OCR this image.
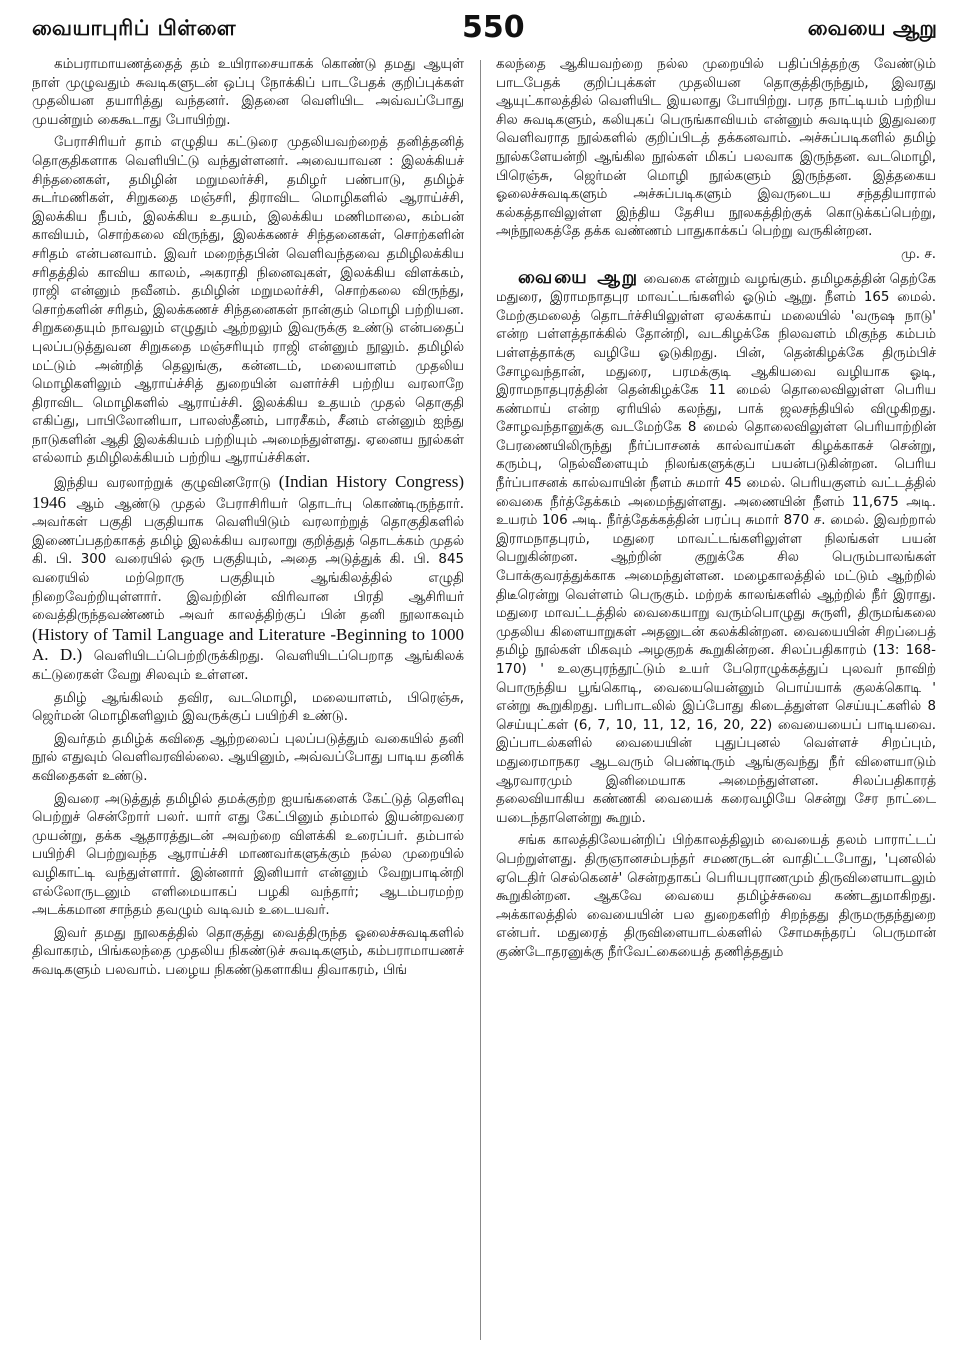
வையாபுரிப் பிள்ளை	550	வையை ஆறு

கம்பராமாயணத்தைத் தம் உயிராசையாகக் கொண்டு தமது ஆயுள் நாள் முழுவதும் சுவடிகளுடன் ஒப்பு நோக்கிப் பாடபேதக் குறிப்புக்கள் முதலியன தயாரித்து வந்தனர். இதனை வெளியிட அவ்வப்போது முயன்றும் கைகூடாது போயிற்று.

பேராசிரியர் தாம் எழுதிய கட்டுரை முதலியவற்றைத் தனித்தனித் தொகுதிகளாக வெளியிட்டு வந்துள்ளனர். அவையாவன : இலக்கியச் சிந்தனைகள், தமிழின் மறுமலர்ச்சி, தமிழர் பண்பாடு, தமிழ்ச் சுடர்மணிகள், சிறுகதை மஞ்சரி, திராவிட மொழிகளில் ஆராய்ச்சி, இலக்கிய நீபம், இலக்கிய உதயம், இலக்கிய மணிமாலை, கம்பன் காவியம், சொற்கலை விருந்து, இலக்கணச் சிந்தனைகள், சொற்களின் சரிதம் என்பனவாம். இவர் மறைந்தபின் வெளிவந்தவை தமிழிலக்கிய சரிதத்தில் காவிய காலம், அகராதி நினைவுகள், இலக்கிய விளக்கம், ராஜி என்னும் நவீனம். தமிழின் மறுமலர்ச்சி, சொற்கலை விருந்து, சொற்களின் சரிதம், இலக்கணச் சிந்தனைகள் நான்கும் மொழி பற்றியன. சிறுகதையும் நாவலும் எழுதும் ஆற்றலும் இவருக்கு உண்டு என்பதைப் புலப்படுத்துவன சிறுகதை மஞ்சரியும் ராஜி என்னும் நூலும். தமிழில் மட்டும் அன்றித் தெலுங்கு, கன்னடம், மலையாளம் முதலிய மொழிகளிலும் ஆராய்ச்சித் துறையின் வளர்ச்சி பற்றிய வரலாறே திராவிட மொழிகளில் ஆராய்ச்சி. இலக்கிய உதயம் முதல் தொகுதி எகிப்து, பாபிலோனியா, பாலஸ்தீனம், பாரசீகம், சீனம் என்னும் ஐந்து நாடுகளின் ஆதி இலக்கியம் பற்றியும் அமைந்துள்ளது. ஏனைய நூல்கள் எல்லாம் தமிழிலக்கியம் பற்றிய ஆராய்ச்சிகள்.

இந்திய வரலாற்றுக் குழுவினரோடு (Indian History Congress) 1946 ஆம் ஆண்டு முதல் பேராசிரியர் தொடர்பு கொண்டிருந்தார். அவர்கள் பகுதி பகுதியாக வெளியிடும் வரலாற்றுத் தொகுதிகளில் இணைப்பதற்காகத் தமிழ் இலக்கிய வரலாறு குறித்துத் தொடக்கம் முதல் கி. பி. 300 வரையில் ஒரு பகுதியும், அதை அடுத்துக் கி. பி. 845 வரையில் மற்றொரு பகுதியும் ஆங்கிலத்தில் எழுதி நிறைவேற்றியுள்ளார். இவற்றின் விரிவான பிரதி ஆசிரியர் வைத்திருந்தவண்ணம் அவர் காலத்திற்குப் பின் தனி நூலாகவும் (History of Tamil Language and Literature -Beginning to 1000 A. D.) வெளியிடப்பெற்றிருக்கிறது. வெளியிடப்பெறாத ஆங்கிலக் கட்டுரைகள் வேறு சிலவும் உள்ளன.

தமிழ் ஆங்கிலம் தவிர, வடமொழி, மலையாளம், பிரெஞ்சு, ஜெர்மன் மொழிகளிலும் இவருக்குப் பயிற்சி உண்டு.

இவர்தம் தமிழ்க் கவிதை ஆற்றலைப் புலப்படுத்தும் வகையில் தனி நூல் எதுவும் வெளிவரவில்லை. ஆயினும், அவ்வப்போது பாடிய தனிக் கவிதைகள் உண்டு.

இவரை அடுத்துத் தமிழில் தமக்குற்ற ஐயங்களைக் கேட்டுத் தெளிவு பெற்றுச் சென்றோர் பலர். யார் எது கேட்பினும் தம்மால் இயன்றவரை முயன்று, தக்க ஆதாரத்துடன் அவற்றை விளக்கி உரைப்பர். தம்பால் பயிற்சி பெற்றுவந்த ஆராய்ச்சி மாணவர்களுக்கும் நல்ல முறையில் வழிகாட்டி வந்துள்ளார். இன்னார் இனியார் என்னும் வேறுபாடின்றி எல்லோருடனும் எளிமையாகப் பழகி வந்தார்; ஆடம்பரமற்ற அடக்கமான சாந்தம் தவழும் வடிவம் உடையவர்.

இவர் தமது நூலகத்தில் தொகுத்து வைத்திருந்த ஓலைச்சுவடிகளில் திவாகரம், பிங்கலந்தை முதலிய நிகண்டுச் சுவடிகளும், கம்பராமாயணச் சுவடிகளும் பலவாம். பழைய நிகண்டுகளாகிய திவாகரம், பிங்

கலந்தை ஆகியவற்றை நல்ல முறையில் பதிப்பித்தற்கு வேண்டும் பாடபேதக் குறிப்புக்கள் முதலியன தொகுத்திருந்தும், இவரது ஆயுட்காலத்தில் வெளியிட இயலாது போயிற்று. பரத நாட்டியம் பற்றிய சில சுவடிகளும், கலியுகப் பெருங்காவியம் என்னும் சுவடியும் இதுவரை வெளிவராத நூல்களில் குறிப்பிடத் தக்கனவாம். அச்சுப்படிகளில் தமிழ் நூல்களேயன்றி ஆங்கில நூல்கள் மிகப் பலவாக இருந்தன. வடமொழி, பிரெஞ்சு, ஜெர்மன் மொழி நூல்களும் இருந்தன. இத்தகைய ஓலைச்சுவடிகளும் அச்சுப்படிகளும் இவருடைய சந்ததியாரால் கல்கத்தாவிலுள்ள இந்திய தேசிய நூலகத்திற்குக் கொடுக்கப்பெற்று, அந்நூலகத்தே தக்க வண்ணம் பாதுகாக்கப் பெற்று வருகின்றன.

மு. ச.

வையை ஆறு வைகை என்றும் வழங்கும். தமிழகத்தின் தெற்கே மதுரை, இராமநாதபுர மாவட்டங்களில் ஓடும் ஆறு. நீளம் 165 மைல். மேற்குமலைத் தொடர்ச்சியிலுள்ள ஏலக்காய் மலையில் 'வருஷ நாடு' என்ற பள்ளத்தாக்கில் தோன்றி, வடகிழக்கே நிலவளம் மிகுந்த கம்பம் பள்ளத்தாக்கு வழியே ஓடுகிறது. பின், தென்கிழக்கே திரும்பிச் சோழவந்தான், மதுரை, பரமக்குடி ஆகியவை வழியாக ஓடி, இராமநாதபுரத்தின் தென்கிழக்கே 11 மைல் தொலைவிலுள்ள பெரிய கண்மாய் என்ற ஏரியில் கலந்து, பாக் ஜலசந்தியில் விழுகிறது. சோழவந்தானுக்கு வடமேற்கே 8 மைல் தொலைவிலுள்ள பெரியாற்றின் பேரணையிலிருந்து நீர்ப்பாசனக் கால்வாய்கள் கிழக்காகச் சென்று, கரும்பு, நெல்வீளையும் நிலங்களுக்குப் பயன்படுகின்றன. பெரிய நீர்ப்பாசனக் கால்வாயின் நீளம் சுமார் 45 மைல். பெரியகுளம் வட்டத்தில் வைகை நீர்த்தேக்கம் அமைந்துள்ளது. அணையின் நீளம் 11,675 அடி. உயரம் 106 அடி. நீர்த்தேக்கத்தின் பரப்பு சுமார் 870 ச. மைல். இவற்றால் இராமநாதபுரம், மதுரை மாவட்டங்களிலுள்ள நிலங்கள் பயன் பெறுகின்றன. ஆற்றின் குறுக்கே சில பெரும்பாலங்கள் போக்குவரத்துக்காக அமைந்துள்ளன. மழைகாலத்தில் மட்டும் ஆற்றில் திடீரென்று வெள்ளம் பெருகும். மற்றக் காலங்களில் ஆற்றில் நீர் இராது. மதுரை மாவட்டத்தில் வைகையாறு வரும்பொழுது சுருளி, திருமங்கலை முதலிய கிளையாறுகள் அதனுடன் கலக்கின்றன. வையையின் சிறப்பைத் தமிழ் நூல்கள் மிகவும் அழகுறக் கூறுகின்றன. சிலப்பதிகாரம் (13: 168-170) ' உலகுபுரந்தூட்டும் உயர் பேரொழுக்கத்துப் புலவர் நாவிற் பொருந்திய பூங்கொடி, வையையென்னும் பொய்யாக் குலக்கொடி ' என்று கூறுகிறது. பரிபாடலில் இப்போது கிடைத்துள்ள செய்யுட்களில் 8 செய்யுட்கள் (6, 7, 10, 11, 12, 16, 20, 22) வையையைப் பாடியவை. இப்பாடல்களில் வையையின் புதுப்புனல் வெள்ளச் சிறப்பும், மதுரைமாநகர ஆடவரும் பெண்டிரும் ஆங்குவந்து நீர் விளையாடும் ஆரவாரமும் இனிமையாக அமைந்துள்ளன. சிலப்பதிகாரத் தலைவியாகிய கண்ணகி வையைக் கரைவழியே சென்று சேர நாட்டை யடைந்தாளென்று கூறும்.

சங்க காலத்திலேயன்றிப் பிற்காலத்திலும் வையைத் தலம் பாராட்டப் பெற்றுள்ளது. திருஞானசம்பந்தர் சமணருடன் வாதிட்டபோது, 'புனலில் ஏடெதிர் செல்கெனச்' சென்றதாகப் பெரியபுராணமும் திருவிளையாடலும் கூறுகின்றன. ஆகவே வையை தமிழ்ச்சுவை கண்டதுமாகிறது. அக்காலத்தில் வையையின் பல துறைகளிற் சிறந்தது திருமருதந்துறை என்பர். மதுரைத் திருவிளையாடல்களில் சோமசுந்தரப் பெருமான் குண்டோதரனுக்கு நீர்வேட்கையைத் தணித்ததும்
